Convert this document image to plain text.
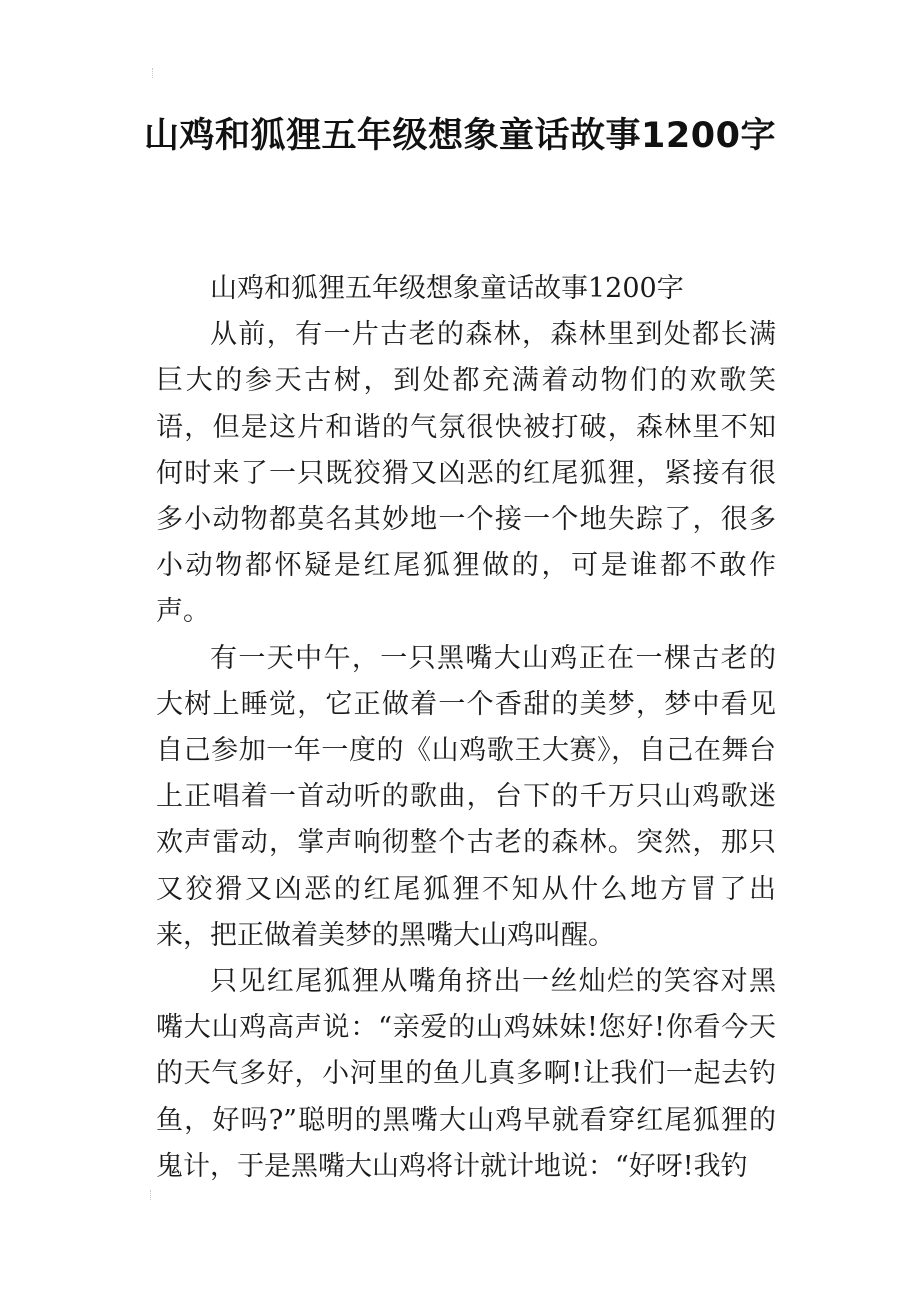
山鸡和狐狸五年级想象童话故事1200字

山鸡和狐狸五年级想象童话故事1200字

从前，有一片古老的森林，森林里到处都长满巨大的参天古树，到处都充满着动物们的欢歌笑语，但是这片和谐的气氛很快被打破，森林里不知何时来了一只既狡猾又凶恶的红尾狐狸，紧接有很多小动物都莫名其妙地一个接一个地失踪了，很多小动物都怀疑是红尾狐狸做的，可是谁都不敢作声。

有一天中午，一只黑嘴大山鸡正在一棵古老的大树上睡觉，它正做着一个香甜的美梦，梦中看见自己参加一年一度的《山鸡歌王大赛》，自己在舞台上正唱着一首动听的歌曲，台下的千万只山鸡歌迷欢声雷动，掌声响彻整个古老的森林。突然，那只又狡猾又凶恶的红尾狐狸不知从什么地方冒了出来，把正做着美梦的黑嘴大山鸡叫醒。

只见红尾狐狸从嘴角挤出一丝灿烂的笑容对黑嘴大山鸡高声说：“亲爱的山鸡妹妹!您好!你看今天的天气多好，小河里的鱼儿真多啊!让我们一起去钓鱼，好吗?”聪明的黑嘴大山鸡早就看穿红尾狐狸的鬼计，于是黑嘴大山鸡将计就计地说：“好呀!我钓
